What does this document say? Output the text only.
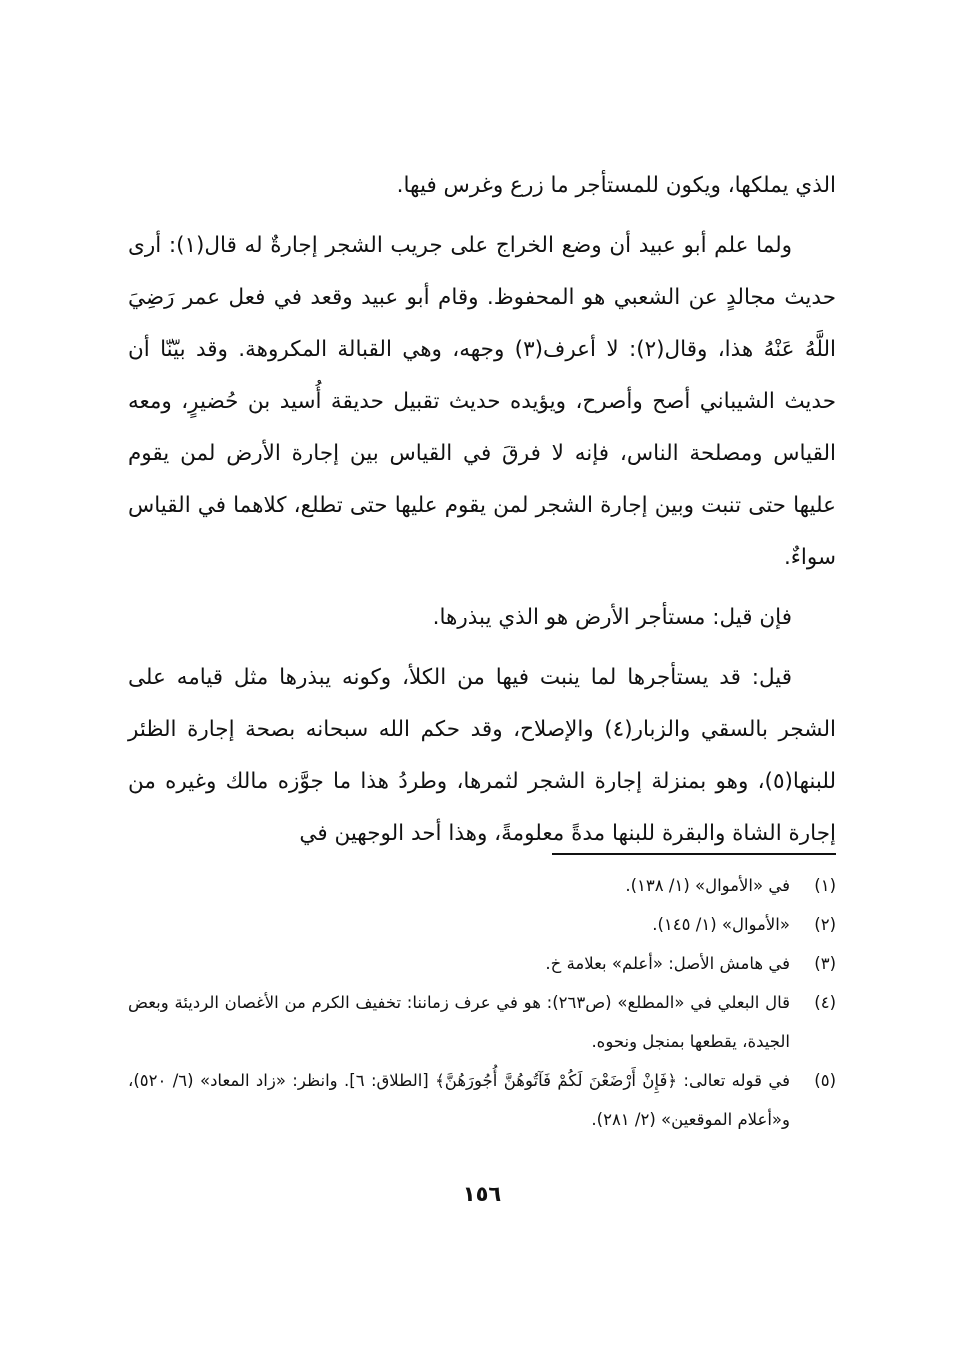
الذي يملكها، ويكون للمستأجر ما زرع وغرس فيها.

ولما علم أبو عبيد أن وضع الخراج على جريب الشجر إجارةٌ له قال(١): أرى حديث مجالدٍ عن الشعبي هو المحفوظ. وقام أبو عبيد وقعد في فعل عمر رَضِيَ اللَّهُ عَنْهُ هذا، وقال(٢): لا أعرف(٣) وجهه، وهي القبالة المكروهة. وقد بيّنّا أن حديث الشيباني أصح وأصرح، ويؤيده حديث تقبيل حديقة أُسيد بن حُضيرٍ، ومعه القياس ومصلحة الناس، فإنه لا فرقَ في القياس بين إجارة الأرض لمن يقوم عليها حتى تنبت وبين إجارة الشجر لمن يقوم عليها حتى تطلع، كلاهما في القياس سواءٌ.

فإن قيل: مستأجر الأرض هو الذي يبذرها.

قيل: قد يستأجرها لما ينبت فيها من الكلأ، وكونه يبذرها مثل قيامه على الشجر بالسقي والزبار(٤) والإصلاح، وقد حكم الله سبحانه بصحة إجارة الظئر للبنها(٥)، وهو بمنزلة إجارة الشجر لثمرها، وطردُ هذا ما جوَّزه مالك وغيره من إجارة الشاة والبقرة للبنها مدةً معلومةً، وهذا أحد الوجهين في

(١)
في «الأموال» (١/ ١٣٨).
(٢)
«الأموال» (١/ ١٤٥).
(٣)
في هامش الأصل: «أعلم» بعلامة خ.
(٤)
قال البعلي في «المطلع» (ص٢٦٣): هو في عرف زماننا: تخفيف الكرم من الأغصان الرديئة وبعض الجيدة، يقطعها بمنجل ونحوه.
(٥)
في قوله تعالى: ﴿فَإِنْ أَرْضَعْنَ لَكُمْ فَآتُوهُنَّ أُجُورَهُنَّ﴾ [الطلاق: ٦]. وانظر: «زاد المعاد» (٦/ ٥٢٠)، و«أعلام الموقعين» (٢/ ٢٨١).
١٥٦
